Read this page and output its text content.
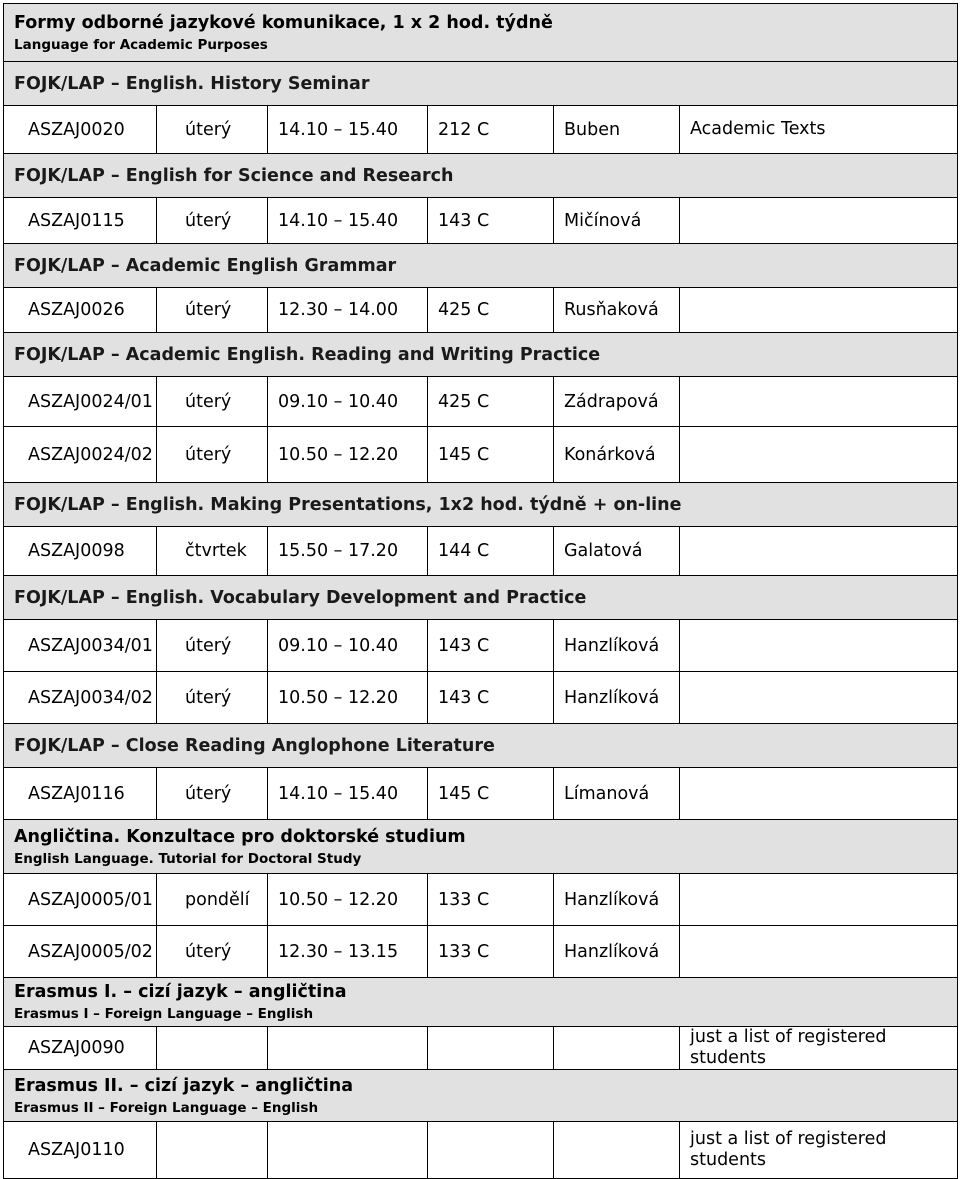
Formy odborné jazykové komunikace, 1 x 2 hod. týdně
Language for Academic Purposes					

FOJK/LAP – English. History Seminar					
ASZAJ0020	úterý	14.10 – 15.40	212 C	Buben	Academic Texts
FOJK/LAP – English for Science and Research					
ASZAJ0115	úterý	14.10 – 15.40	143 C	Mičínová	
FOJK/LAP – Academic English Grammar					
ASZAJ0026	úterý	12.30 – 14.00	425 C	Rusňaková	
FOJK/LAP – Academic English. Reading and Writing Practice					
ASZAJ0024/01	úterý	09.10 – 10.40	425 C	Zádrapová	
ASZAJ0024/02	úterý	10.50 – 12.20	145 C	Konárková	
FOJK/LAP – English. Making Presentations, 1x2 hod. týdně + on-line					
ASZAJ0098	čtvrtek	15.50 – 17.20	144 C	Galatová	
FOJK/LAP – English. Vocabulary Development and Practice					
ASZAJ0034/01	úterý	09.10 – 10.40	143 C	Hanzlíková	
ASZAJ0034/02	úterý	10.50 – 12.20	143 C	Hanzlíková	
FOJK/LAP – Close Reading Anglophone Literature					
ASZAJ0116	úterý	14.10 – 15.40	145 C	Límanová	

Angličtina. Konzultace pro doktorské studium
English Language. Tutorial for Doctoral Study					

ASZAJ0005/01	pondělí	10.50 – 12.20	133 C	Hanzlíková	
ASZAJ0005/02	úterý	12.30 – 13.15	133 C	Hanzlíková	

Erasmus I. – cizí jazyk – angličtina
Erasmus I – Foreign Language – English					

ASZAJ0090					just a list of registered students

Erasmus II. – cizí jazyk – angličtina
Erasmus II – Foreign Language – English					

ASZAJ0110					just a list of registered students
